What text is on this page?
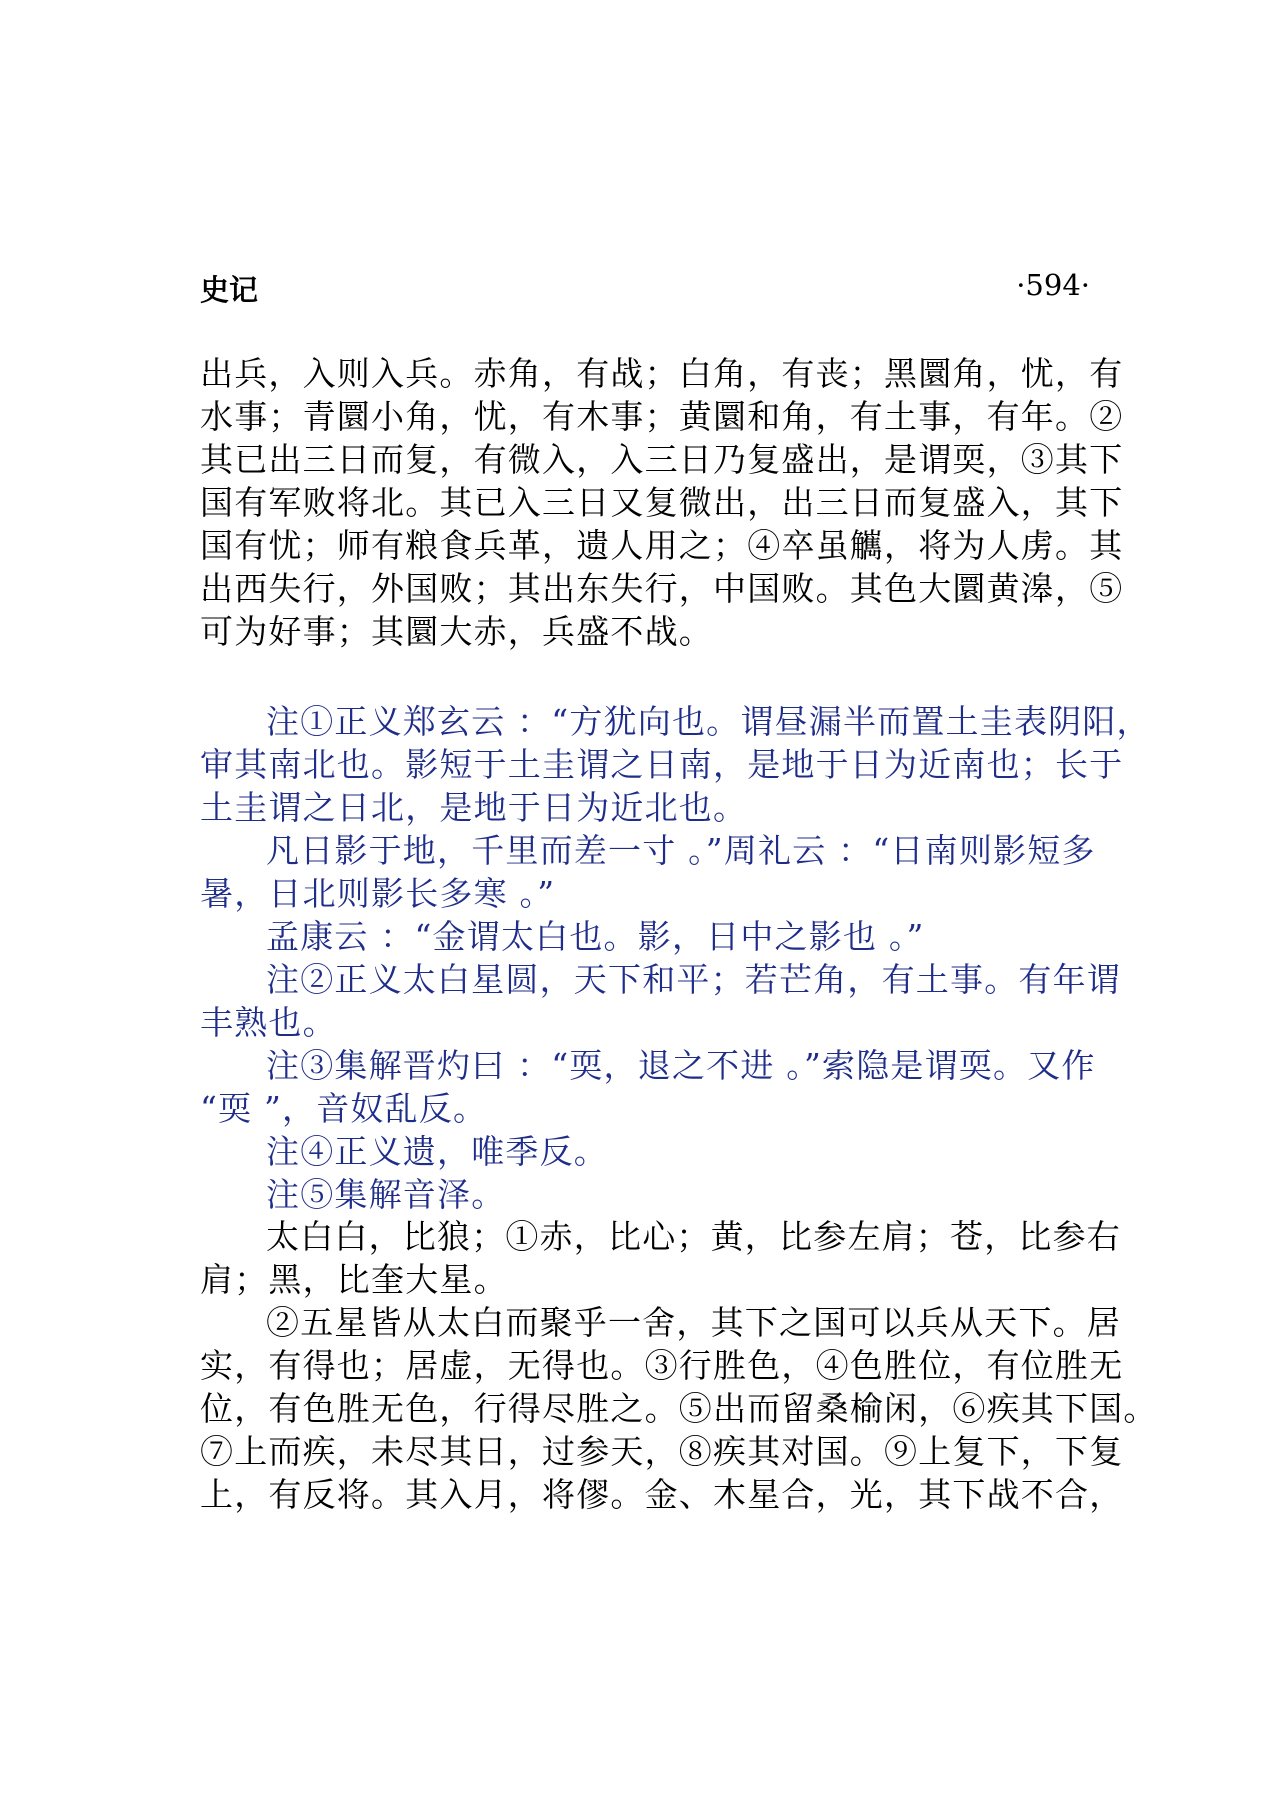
史记	·594·
出兵，入则入兵。赤角，有战；白角，有丧；黑圜角，忧，有
水事；青圜小角，忧，有木事；黄圜和角，有土事，有年。②
其已出三日而复，有微入，入三日乃复盛出，是谓耎，③其下
国有军败将北。其已入三日又复微出，出三日而复盛入，其下
国有忧；师有粮食兵革，遗人用之；④卒虽觽，将为人虏。其
出西失行，外国败；其出东失行，中国败。其色大圜黄滜，⑤
可为好事；其圜大赤，兵盛不战。
注①正义郑玄云 ：“方犹向也。谓昼漏半而置土圭表阴阳，
审其南北也。影短于土圭谓之日南，是地于日为近南也；长于
土圭谓之日北，是地于日为近北也。
凡日影于地，千里而差一寸 。”周礼云 ：“日南则影短多
暑，日北则影长多寒 。”
孟康云 ：“金谓太白也。影，日中之影也 。”
注②正义太白星圆，天下和平；若芒角，有土事。有年谓
丰熟也。
注③集解晋灼曰 ：“耎，退之不进 。”索隐是谓耎。又作
“耎 ”，音奴乱反。
注④正义遗，唯季反。
注⑤集解音泽。
太白白，比狼；①赤，比心；黄，比参左肩；苍，比参右
肩；黑，比奎大星。
②五星皆从太白而聚乎一舍，其下之国可以兵从天下。居
实，有得也；居虚，无得也。③行胜色，④色胜位，有位胜无
位，有色胜无色，行得尽胜之。⑤出而留桑榆闲，⑥疾其下国。
⑦上而疾，未尽其日，过参天，⑧疾其对国。⑨上复下，下复
上，有反将。其入月，将僇。金、木星合，光，其下战不合，
